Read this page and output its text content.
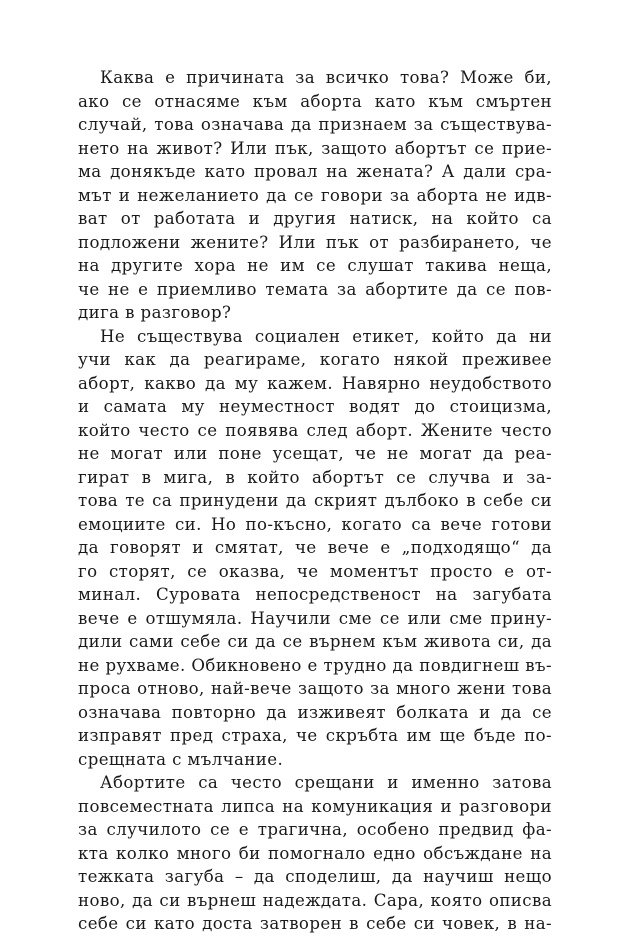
Каква е причината за всичко това? Може би,
ако се отнасяме към аборта като към смъртен
случай, това означава да признаем за съществува-
нето на живот? Или пък, защото абортът се прие-
ма донякъде като провал на жената? А дали сра-
мът и нежеланието да се говори за аборта не идв-
ват от работата и другия натиск, на който са
подложени жените? Или пък от разбирането, че
на другите хора не им се слушат такива неща,
че не е приемливо темата за абортите да се пов-
дига в разговор?
Не съществува социален етикет, който да ни
учи как да реагираме, когато някой преживее
аборт, какво да му кажем. Навярно неудобството
и самата му неуместност водят до стоицизма,
който често се появява след аборт. Жените често
не могат или поне усещат, че не могат да реа-
гират в мига, в който абортът се случва и за-
това те са принудени да скрият дълбоко в себе си
емоциите си. Но по-късно, когато са вече готови
да говорят и смятат, че вече е „подходящо“ да
го сторят, се оказва, че моментът просто е от-
минал. Суровата непосредственост на загубата
вече е отшумяла. Научили сме се или сме прину-
дили сами себе си да се върнем към живота си, да
не рухваме. Обикновено е трудно да повдигнеш въ-
проса отново, най-вече защото за много жени това
означава повторно да изживеят болката и да се
изправят пред страха, че скръбта им ще бъде по-
срещната с мълчание.
Абортите са често срещани и именно затова
повсеместната липса на комуникация и разговори
за случилото се е трагична, особено предвид фа-
кта колко много би помогнало едно обсъждане на
тежката загуба – да споделиш, да научиш нещо
ново, да си върнеш надеждата. Сара, която описва
себе си като доста затворен в себе си човек, в на-
